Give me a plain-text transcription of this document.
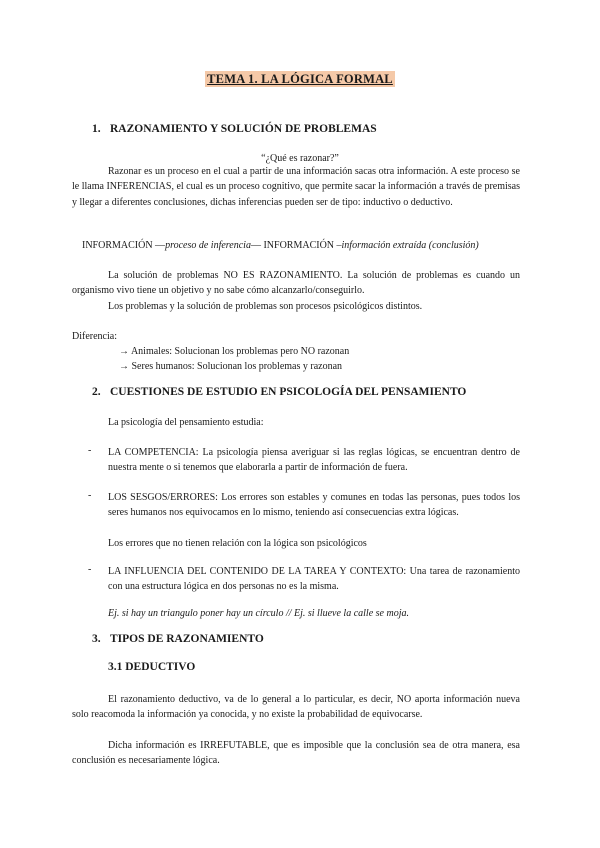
TEMA 1. LA LÓGICA FORMAL
1. RAZONAMIENTO Y SOLUCIÓN DE PROBLEMAS
“¿Qué es razonar?”
Razonar es un proceso en el cual a partir de una información sacas otra información. A este proceso se le llama INFERENCIAS, el cual es un proceso cognitivo, que permite sacar la información a través de premisas y llegar a diferentes conclusiones, dichas inferencias pueden ser de tipo: inductivo o deductivo.
INFORMACIÓN —proceso de inferencia— INFORMACIÓN –información extraída (conclusión)
La solución de problemas NO ES RAZONAMIENTO. La solución de problemas es cuando un organismo vivo tiene un objetivo y no sabe cómo alcanzarlo/conseguirlo.
Los problemas y la solución de problemas son procesos psicológicos distintos.
Diferencia:
→ Animales: Solucionan los problemas pero NO razonan
→ Seres humanos: Solucionan los problemas y razonan
2. CUESTIONES DE ESTUDIO EN PSICOLOGÍA DEL PENSAMIENTO
La psicología del pensamiento estudia:
- LA COMPETENCIA: La psicología piensa averiguar si las reglas lógicas, se encuentran dentro de nuestra mente o si tenemos que elaborarla a partir de información de fuera.
- LOS SESGOS/ERRORES: Los errores son estables y comunes en todas las personas, pues todos los seres humanos nos equivocamos en lo mismo, teniendo así consecuencias extra lógicas.
Los errores que no tienen relación con la lógica son psicológicos
- LA INFLUENCIA DEL CONTENIDO DE LA TAREA Y CONTEXTO: Una tarea de razonamiento con una estructura lógica en dos personas no es la misma.
Ej. si hay un triangulo poner hay un círculo // Ej. si llueve la calle se moja.
3. TIPOS DE RAZONAMIENTO
3.1 DEDUCTIVO
El razonamiento deductivo, va de lo general a lo particular, es decir, NO aporta información nueva solo reacomoda la información ya conocida, y no existe la probabilidad de equivocarse.
Dicha información es IRREFUTABLE, que es imposible que la conclusión sea de otra manera, esa conclusión es necesariamente lógica.
